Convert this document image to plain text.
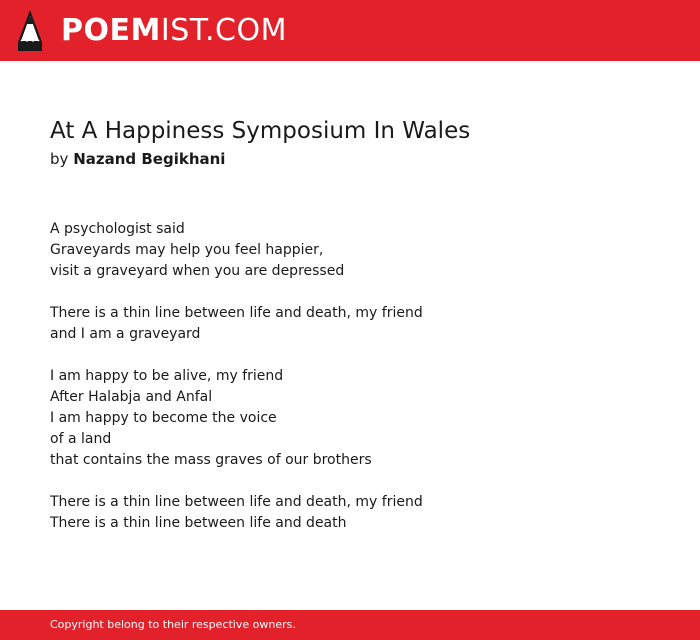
POEMIST.COM
At A Happiness Symposium In Wales
by Nazand Begikhani
A psychologist said
Graveyards may help you feel happier,
visit a graveyard when you are depressed
There is a thin line between life and death, my friend
and I am a graveyard
I am happy to be alive, my friend
After Halabja and Anfal
I am happy to become the voice
of a land
that contains the mass graves of our brothers
There is a thin line between life and death, my friend
There is a thin line between life and death
Copyright belong to their respective owners.
